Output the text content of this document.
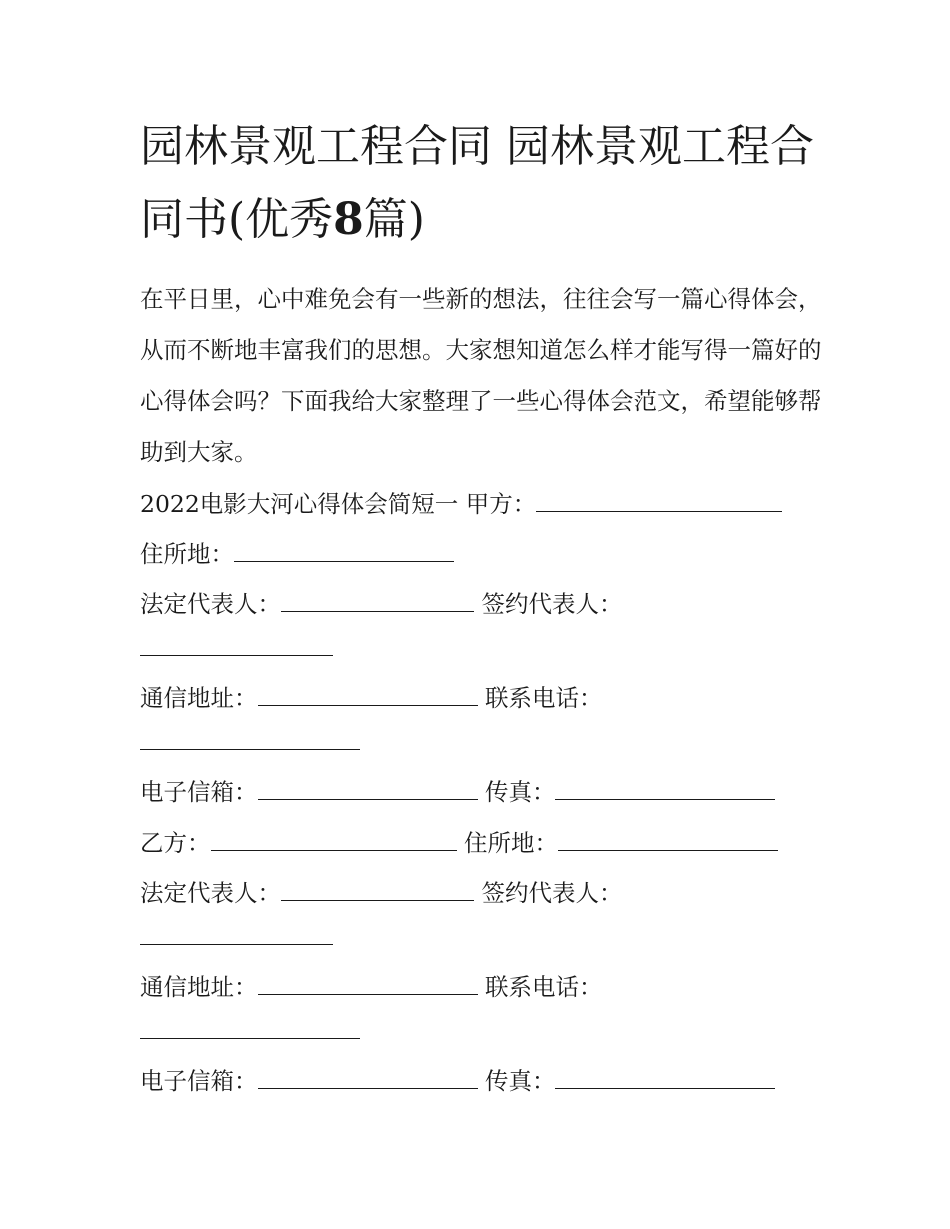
园林景观工程合同 园林景观工程合同书(优秀8篇)

在平日里，心中难免会有一些新的想法，往往会写一篇心得体会，从而不断地丰富我们的思想。大家想知道怎么样才能写得一篇好的心得体会吗？下面我给大家整理了一些心得体会范文，希望能够帮助到大家。

2022电影大河心得体会简短一 甲方：
住所地：
法定代表人：	签约代表人：
通信地址：	联系电话：
电子信箱：	传真：
乙方：	住所地：
法定代表人：	签约代表人：
通信地址：	联系电话：
电子信箱：	传真：
